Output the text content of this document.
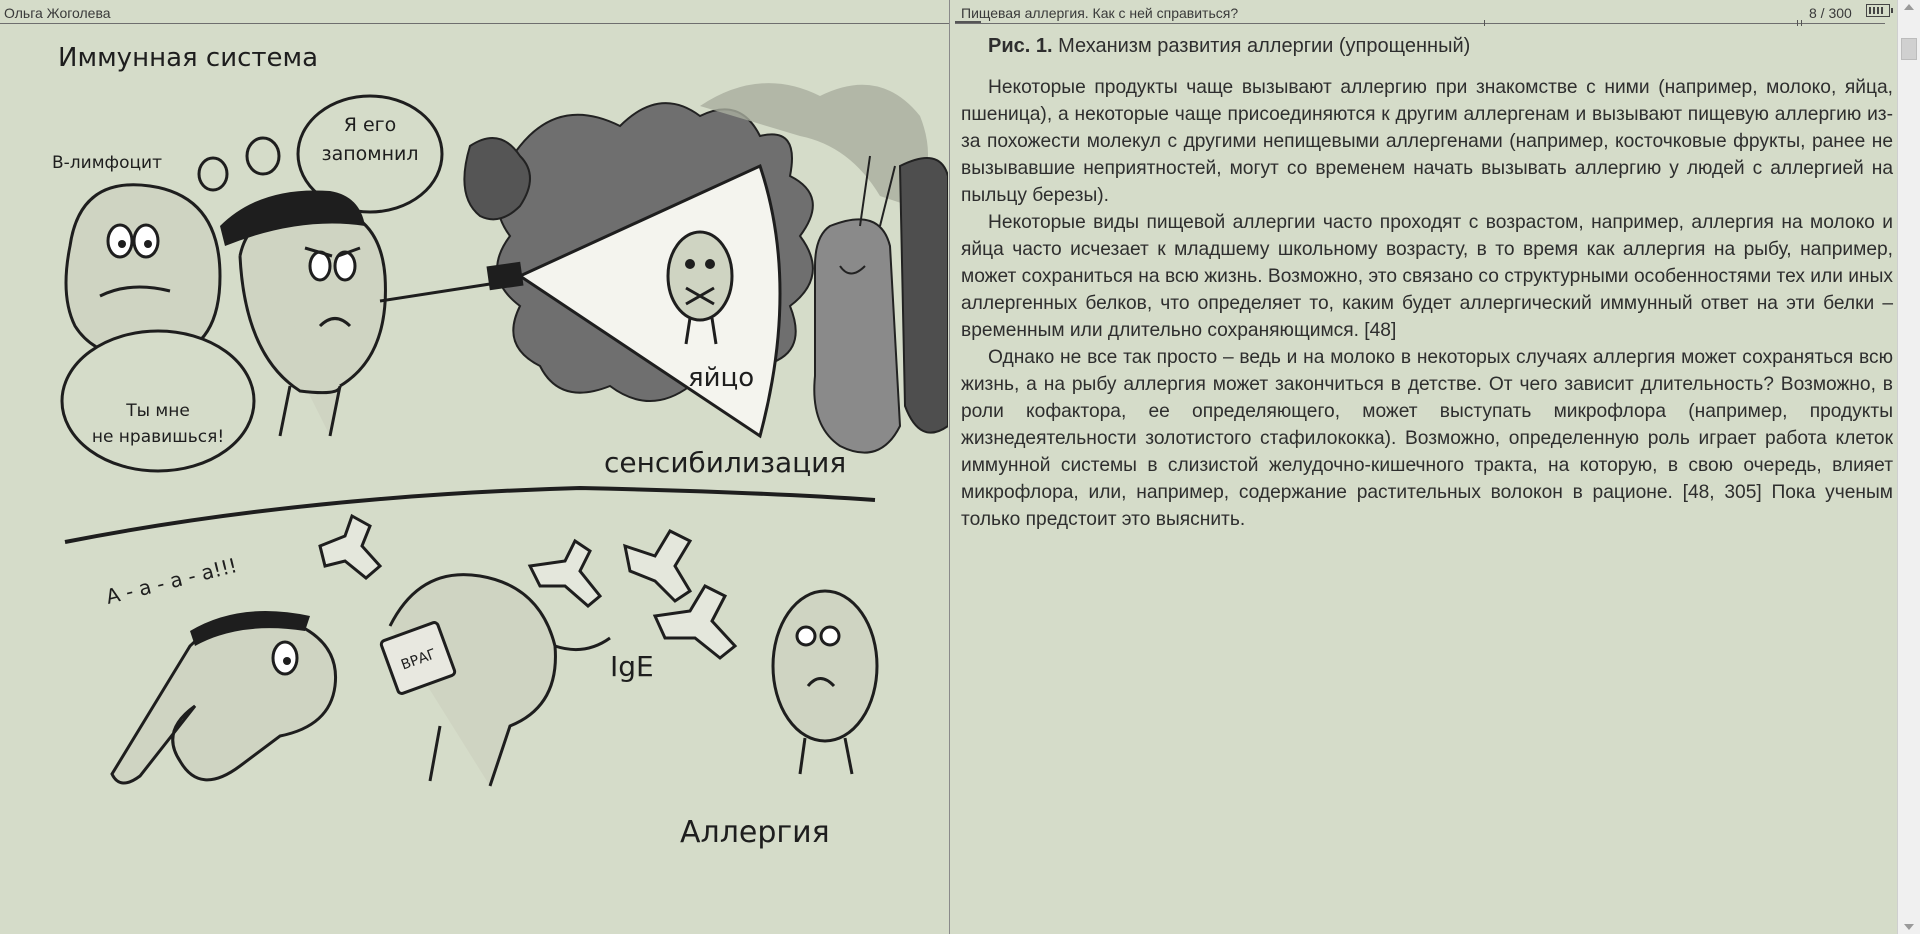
Ольга Жоголева	Пищевая аллергия. Как с ней справиться?	8 / 300
Иммунная система
яйцо
B-лимфоцит
Я его
запомнил
Ты мне
не нравишься!
сенсибилизация
А - а - а - а!!!
ВРАГ	IgE
Аллергия

Рис. 1. Механизм развития аллергии (упрощенный)

Некоторые продукты чаще вызывают аллергию при знакомстве с ними (например, молоко, яйца, пшеница), а некоторые чаще присоединяются к другим аллергенам и вызывают пищевую аллергию из-за похожести молекул с другими непищевыми аллергенами (например, косточковые фрукты, ранее не вызывавшие неприятностей, могут со временем начать вызывать аллергию у людей с аллергией на пыльцу березы).

Некоторые виды пищевой аллергии часто проходят с возрастом, например, аллергия на молоко и яйца часто исчезает к младшему школьному возрасту, в то время как аллергия на рыбу, например, может сохраниться на всю жизнь. Возможно, это связано со структурными особенностями тех или иных аллергенных белков, что определяет то, каким будет аллергический иммунный ответ на эти белки – временным или длительно сохраняющимся. [48]

Однако не все так просто – ведь и на молоко в некоторых случаях аллергия может сохраняться всю жизнь, а на рыбу аллергия может закончиться в детстве. От чего зависит длительность? Возможно, в роли кофактора, ее определяющего, может выступать микрофлора (например, продукты жизнедеятельности золотистого стафилококка). Возможно, определенную роль играет работа клеток иммунной системы в слизистой желудочно-кишечного тракта, на которую, в свою очередь, влияет микрофлора, или, например, содержание растительных волокон в рационе. [48, 305] Пока ученым только предстоит это выяснить.
